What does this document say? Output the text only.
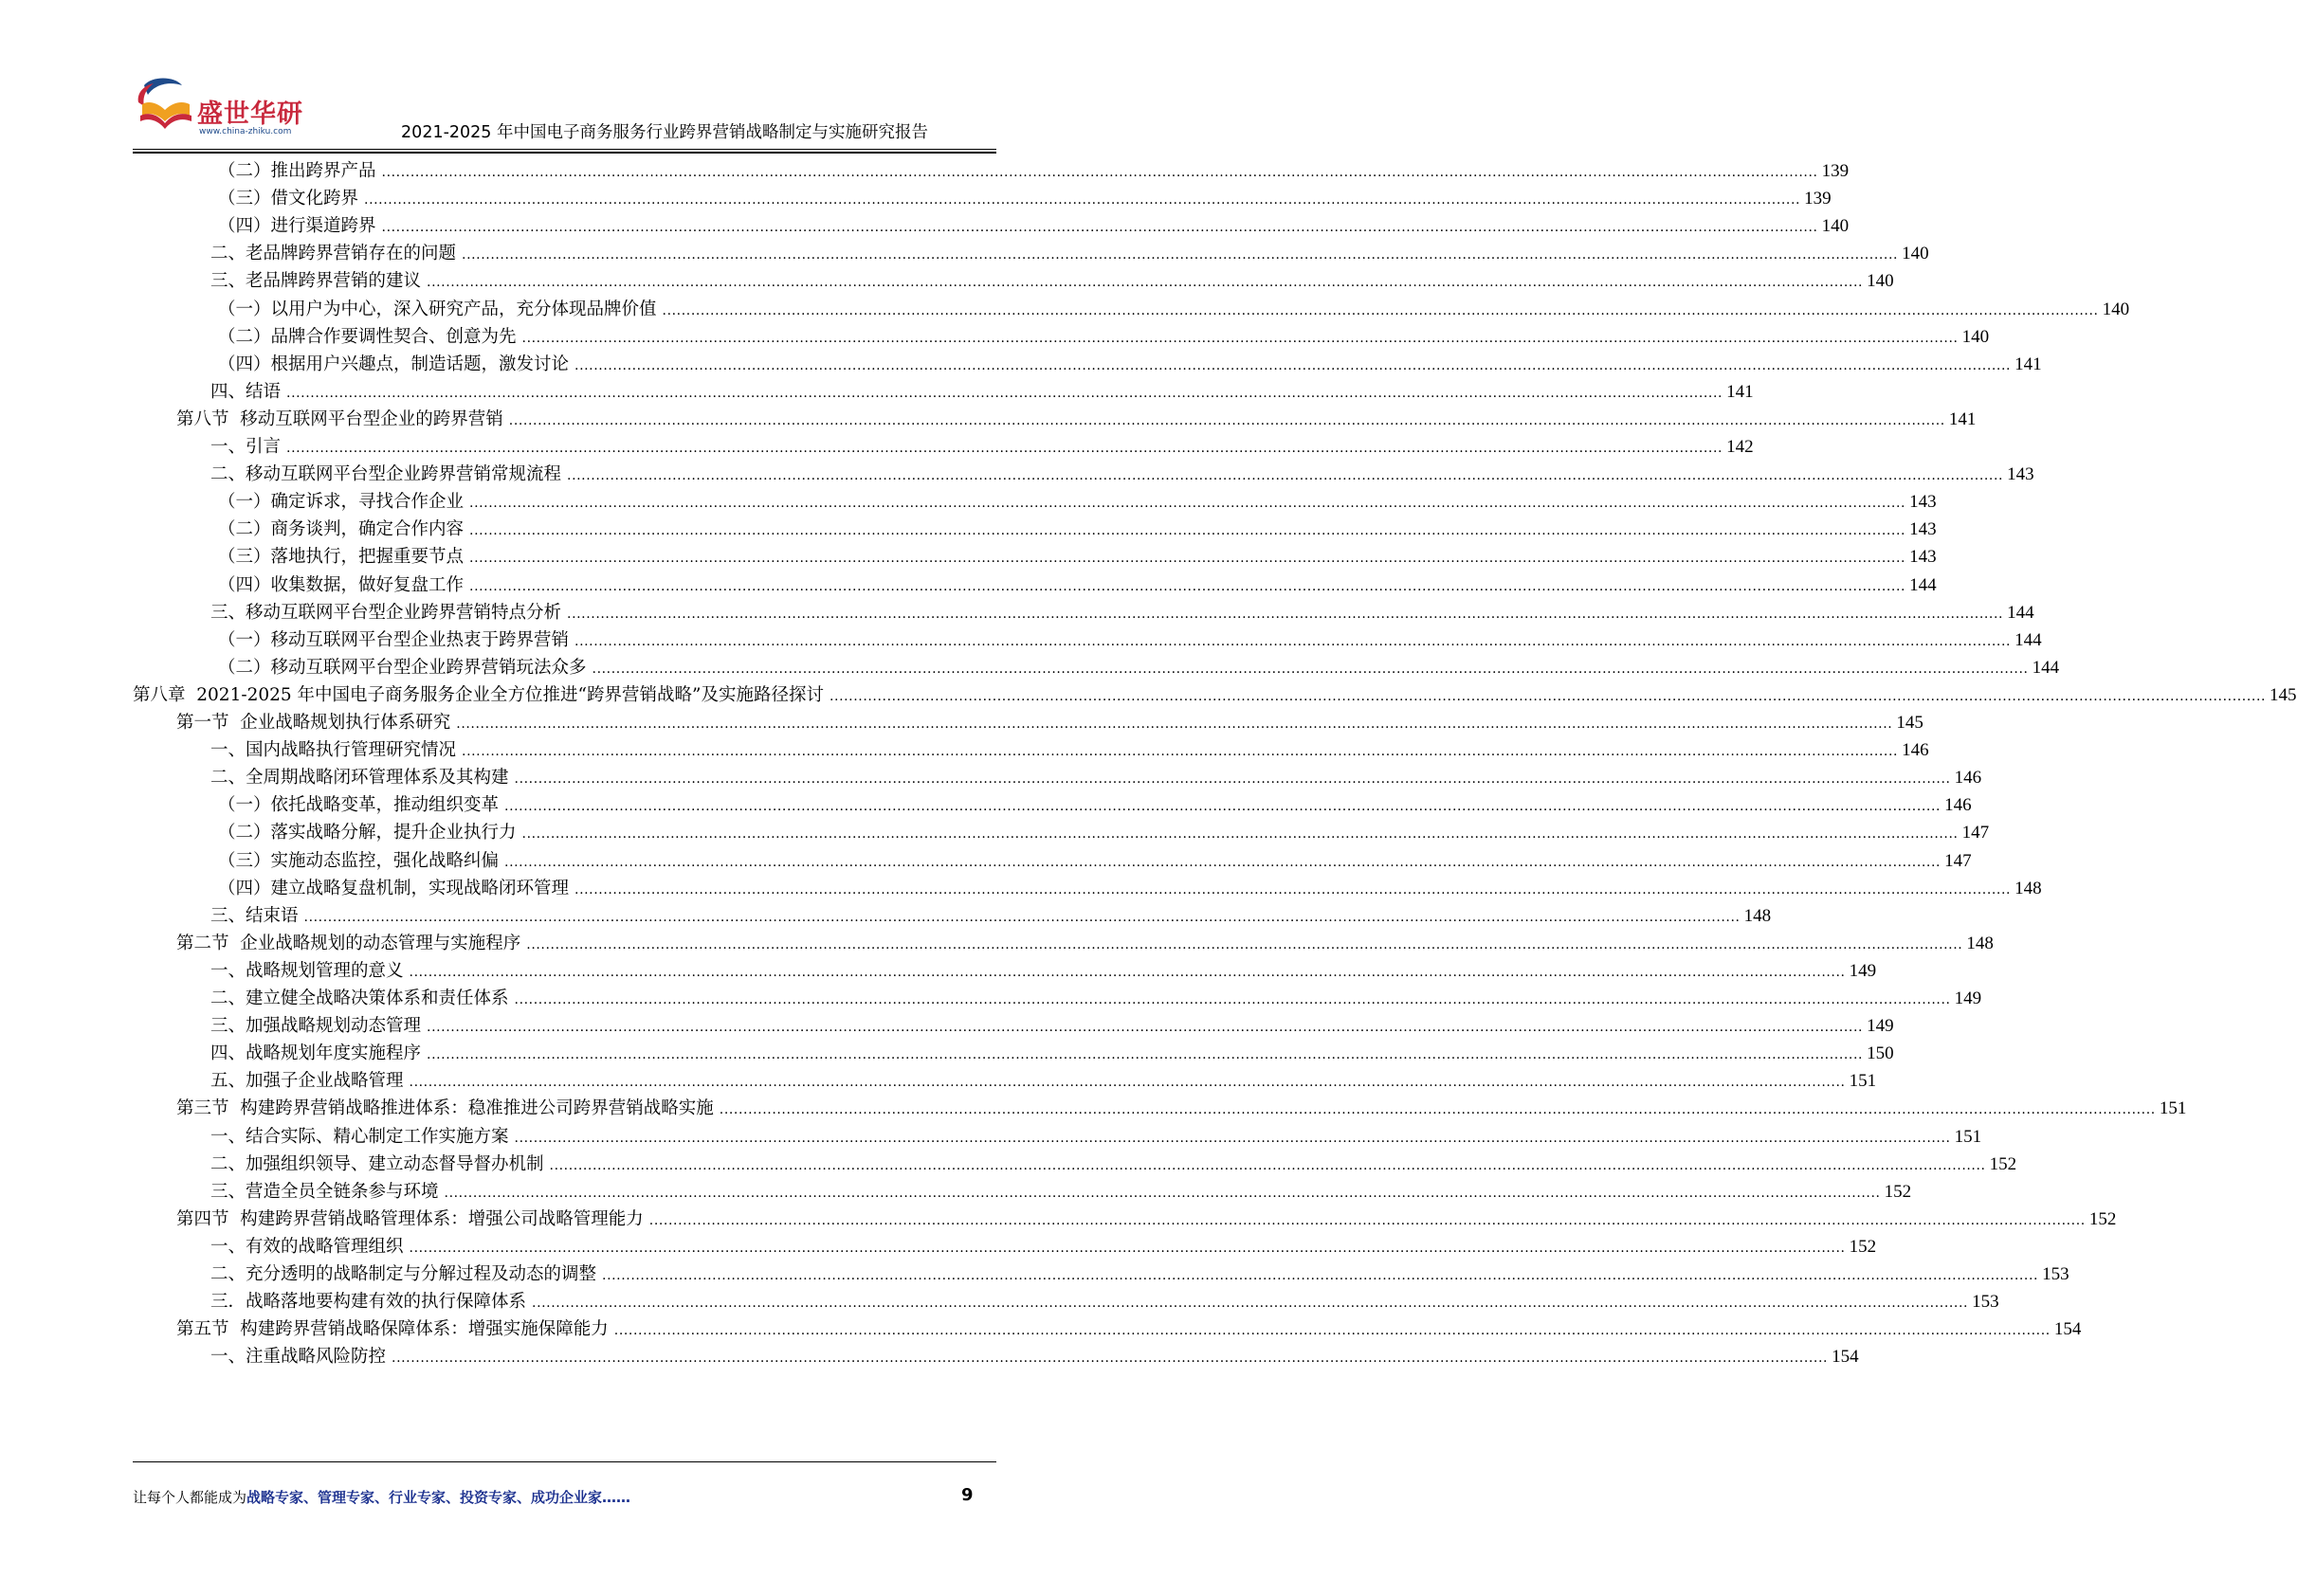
盛世华研
www.china-zhiku.com	2021-2025 年中国电子商务服务行业跨界营销战略制定与实施研究报告
（二）推出跨界产品 ............................................................................................................................................................................................................................................................................................................ 139
（三）借文化跨界 ............................................................................................................................................................................................................................................................................................................ 139
（四）进行渠道跨界 ............................................................................................................................................................................................................................................................................................................ 140
二、老品牌跨界营销存在的问题 ............................................................................................................................................................................................................................................................................................................ 140
三、老品牌跨界营销的建议 ............................................................................................................................................................................................................................................................................................................ 140
（一）以用户为中心，深入研究产品，充分体现品牌价值 ............................................................................................................................................................................................................................................................................................................ 140
（二）品牌合作要调性契合、创意为先 ............................................................................................................................................................................................................................................................................................................ 140
（四）根据用户兴趣点，制造话题，激发讨论 ............................................................................................................................................................................................................................................................................................................ 141
四、结语 ............................................................................................................................................................................................................................................................................................................ 141
第八节  移动互联网平台型企业的跨界营销 ............................................................................................................................................................................................................................................................................................................ 141
一、引言 ............................................................................................................................................................................................................................................................................................................ 142
二、移动互联网平台型企业跨界营销常规流程 ............................................................................................................................................................................................................................................................................................................ 143
（一）确定诉求，寻找合作企业 ............................................................................................................................................................................................................................................................................................................ 143
（二）商务谈判，确定合作内容 ............................................................................................................................................................................................................................................................................................................ 143
（三）落地执行，把握重要节点 ............................................................................................................................................................................................................................................................................................................ 143
（四）收集数据，做好复盘工作 ............................................................................................................................................................................................................................................................................................................ 144
三、移动互联网平台型企业跨界营销特点分析 ............................................................................................................................................................................................................................................................................................................ 144
（一）移动互联网平台型企业热衷于跨界营销 ............................................................................................................................................................................................................................................................................................................ 144
（二）移动互联网平台型企业跨界营销玩法众多 ............................................................................................................................................................................................................................................................................................................ 144
第八章  2021-2025 年中国电子商务服务企业全方位推进“跨界营销战略”及实施路径探讨 ............................................................................................................................................................................................................................................................................................................ 145
第一节  企业战略规划执行体系研究 ............................................................................................................................................................................................................................................................................................................ 145
一、国内战略执行管理研究情况 ............................................................................................................................................................................................................................................................................................................ 146
二、全周期战略闭环管理体系及其构建 ............................................................................................................................................................................................................................................................................................................ 146
（一）依托战略变革，推动组织变革 ............................................................................................................................................................................................................................................................................................................ 146
（二）落实战略分解，提升企业执行力 ............................................................................................................................................................................................................................................................................................................ 147
（三）实施动态监控，强化战略纠偏 ............................................................................................................................................................................................................................................................................................................ 147
（四）建立战略复盘机制，实现战略闭环管理 ............................................................................................................................................................................................................................................................................................................ 148
三、结束语 ............................................................................................................................................................................................................................................................................................................ 148
第二节  企业战略规划的动态管理与实施程序 ............................................................................................................................................................................................................................................................................................................ 148
一、战略规划管理的意义 ............................................................................................................................................................................................................................................................................................................ 149
二、建立健全战略决策体系和责任体系 ............................................................................................................................................................................................................................................................................................................ 149
三、加强战略规划动态管理 ............................................................................................................................................................................................................................................................................................................ 149
四、战略规划年度实施程序 ............................................................................................................................................................................................................................................................................................................ 150
五、加强子企业战略管理 ............................................................................................................................................................................................................................................................................................................ 151
第三节  构建跨界营销战略推进体系：稳准推进公司跨界营销战略实施 ............................................................................................................................................................................................................................................................................................................ 151
一、结合实际、精心制定工作实施方案 ............................................................................................................................................................................................................................................................................................................ 151
二、加强组织领导、建立动态督导督办机制 ............................................................................................................................................................................................................................................................................................................ 152
三、营造全员全链条参与环境 ............................................................................................................................................................................................................................................................................................................ 152
第四节  构建跨界营销战略管理体系：增强公司战略管理能力 ............................................................................................................................................................................................................................................................................................................ 152
一、有效的战略管理组织 ............................................................................................................................................................................................................................................................................................................ 152
二、充分透明的战略制定与分解过程及动态的调整 ............................................................................................................................................................................................................................................................................................................ 153
三．战略落地要构建有效的执行保障体系 ............................................................................................................................................................................................................................................................................................................ 153
第五节  构建跨界营销战略保障体系：增强实施保障能力 ............................................................................................................................................................................................................................................................................................................ 154
一、注重战略风险防控 ............................................................................................................................................................................................................................................................................................................ 154
让每个人都能成为战略专家、管理专家、行业专家、投资专家、成功企业家……	9
